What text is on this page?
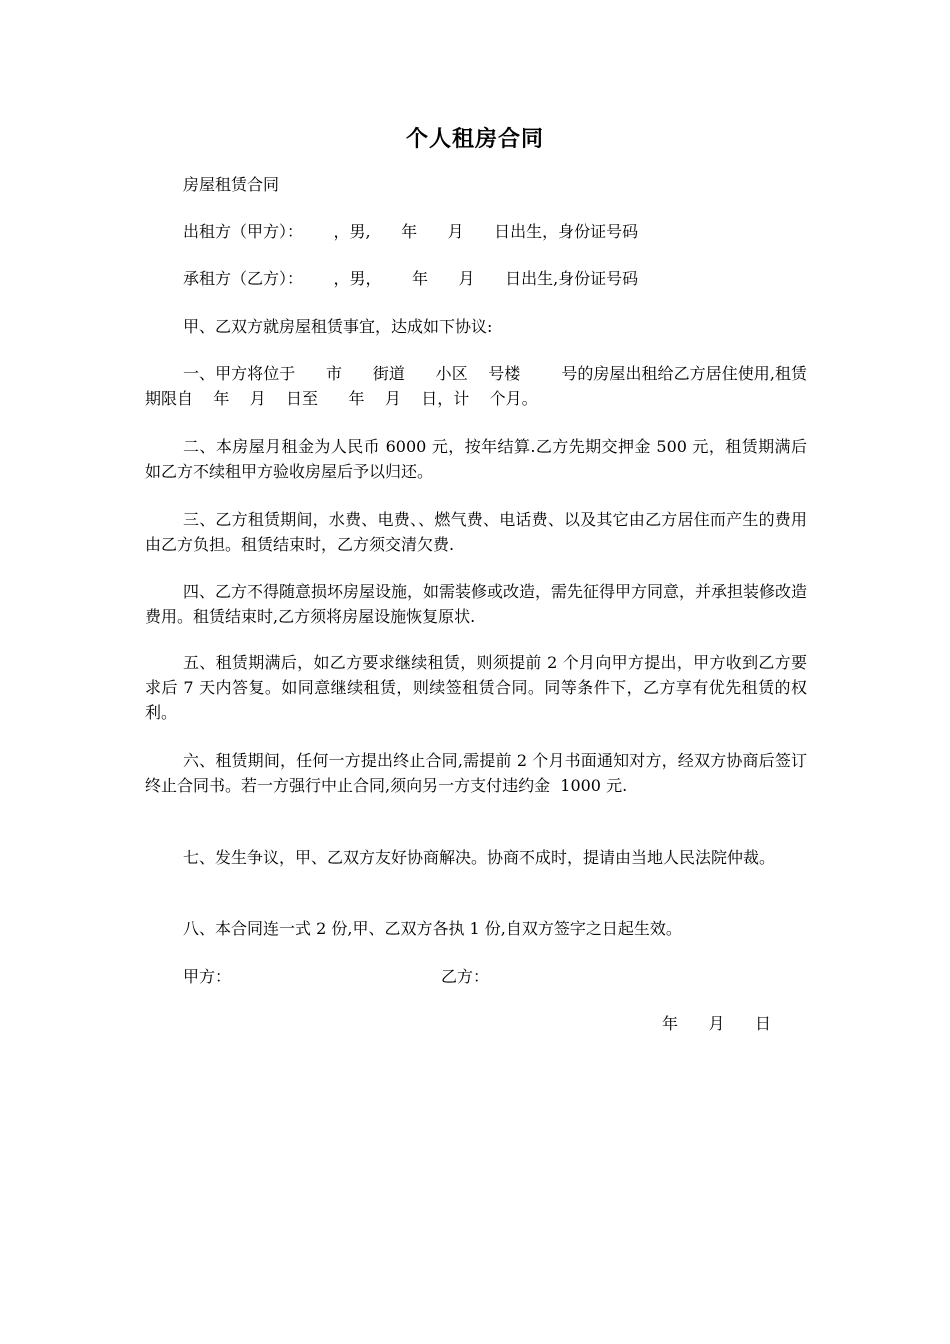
个人租房合同
房屋租赁合同
出租方（甲方）：      ，男,      年      月      日出生，身份证号码
承租方（乙方）：      ，男，      年      月      日出生,身份证号码
甲、乙双方就房屋租赁事宜，达成如下协议:
一、甲方将位于      市      街道      小区    号楼        号的房屋出租给乙方居住使用,租赁期限自    年    月    日至      年    月    日，计    个月。
二、本房屋月租金为人民币 6000 元，按年结算.乙方先期交押金 500 元，租赁期满后如乙方不续租甲方验收房屋后予以归还。
三、乙方租赁期间，水费、电费、、燃气费、电话费、以及其它由乙方居住而产生的费用由乙方负担。租赁结束时，乙方须交清欠费.
四、乙方不得随意损坏房屋设施，如需装修或改造，需先征得甲方同意，并承担装修改造费用。租赁结束时,乙方须将房屋设施恢复原状.
五、租赁期满后，如乙方要求继续租赁，则须提前 2 个月向甲方提出，甲方收到乙方要求后 7 天内答复。如同意继续租赁，则续签租赁合同。同等条件下，乙方享有优先租赁的权利。
六、租赁期间，任何一方提出终止合同,需提前 2 个月书面通知对方，经双方协商后签订终止合同书。若一方强行中止合同,须向另一方支付违约金  1000 元.
七、发生争议，甲、乙双方友好协商解决。协商不成时，提请由当地人民法院仲裁。
八、本合同连一式 2 份,甲、乙双方各执 1 份,自双方签字之日起生效。
甲方：	乙方：
年      月      日
